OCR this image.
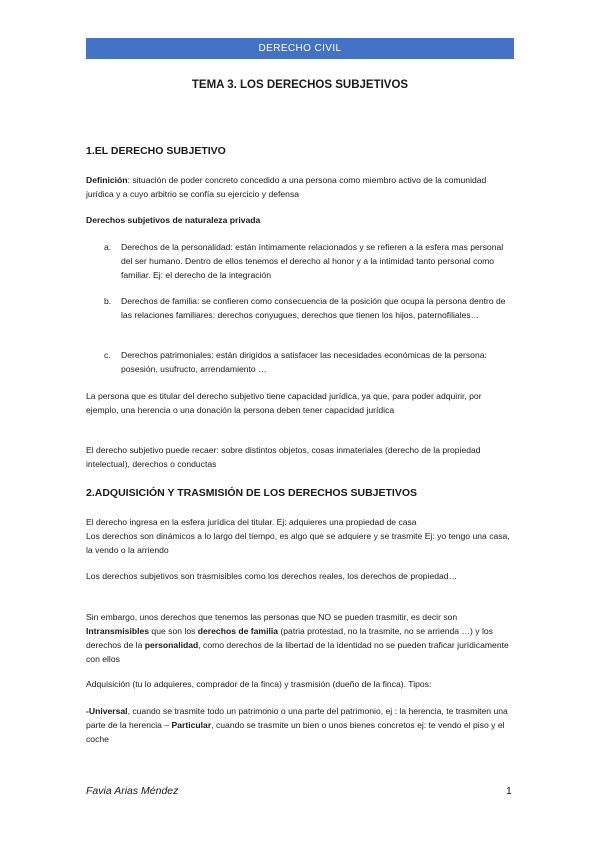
DERECHO CIVIL
TEMA 3. LOS DERECHOS SUBJETIVOS
1.EL DERECHO SUBJETIVO
Definición: situación de poder concreto concedido a una persona como miembro activo de la comunidad jurídica y a cuyo arbitrio se confía su ejercicio y defensa
Derechos subjetivos de naturaleza privada
a. Derechos de la personalidad: están íntimamente relacionados y se refieren a la esfera mas personal del ser humano. Dentro de ellos tenemos el derecho al honor y a la intimidad tanto personal como familiar. Ej: el derecho de la integración
b. Derechos de familia: se confieren como consecuencia de la posición que ocupa la persona dentro de las relaciones familiares: derechos conyugues, derechos que tienen los hijos, paternofiliales…
c. Derechos patrimoniales: están dirigidos a satisfacer las necesidades económicas de la persona: posesión, usufructo, arrendamiento …
La persona que es titular del derecho subjetivo tiene capacidad jurídica, ya que, para poder adquirir, por ejemplo, una herencia o una donación la persona deben tener capacidad jurídica
El derecho subjetivo puede recaer: sobre distintos objetos, cosas inmateriales (derecho de la propiedad intelectual), derechos o conductas
2.ADQUISICIÓN Y TRASMISIÓN DE LOS DERECHOS SUBJETIVOS
El derecho ingresa en la esfera jurídica del titular. Ej: adquieres una propiedad de casa
Los derechos son dinámicos a lo largo del tiempo, es algo que se adquiere y se trasmite Ej: yo tengo una casa, la vendo o la arriendo
Los derechos subjetivos son trasmisibles como los derechos reales, los derechos de propiedad…
Sin embargo, unos derechos que tenemos las personas que NO se pueden trasmitir, es decir son Intransmisibles que son los derechos de familia (patria protestad, no la trasmite, no se arrienda …) y los derechos de la personalidad, como derechos de la libertad de la identidad no se pueden traficar jurídicamente con ellos
Adquisición (tu lo adquieres, comprador de la finca) y trasmisión (dueño de la finca). Tipos:
-Universal, cuando se trasmite todo un patrimonio o una parte del patrimonio, ej : la herencia, te trasmiten una parte de la herencia – Particular, cuando se trasmite un bien o unos bienes concretos ej: te vendo el piso y el coche
Favia Arias Méndez	1
